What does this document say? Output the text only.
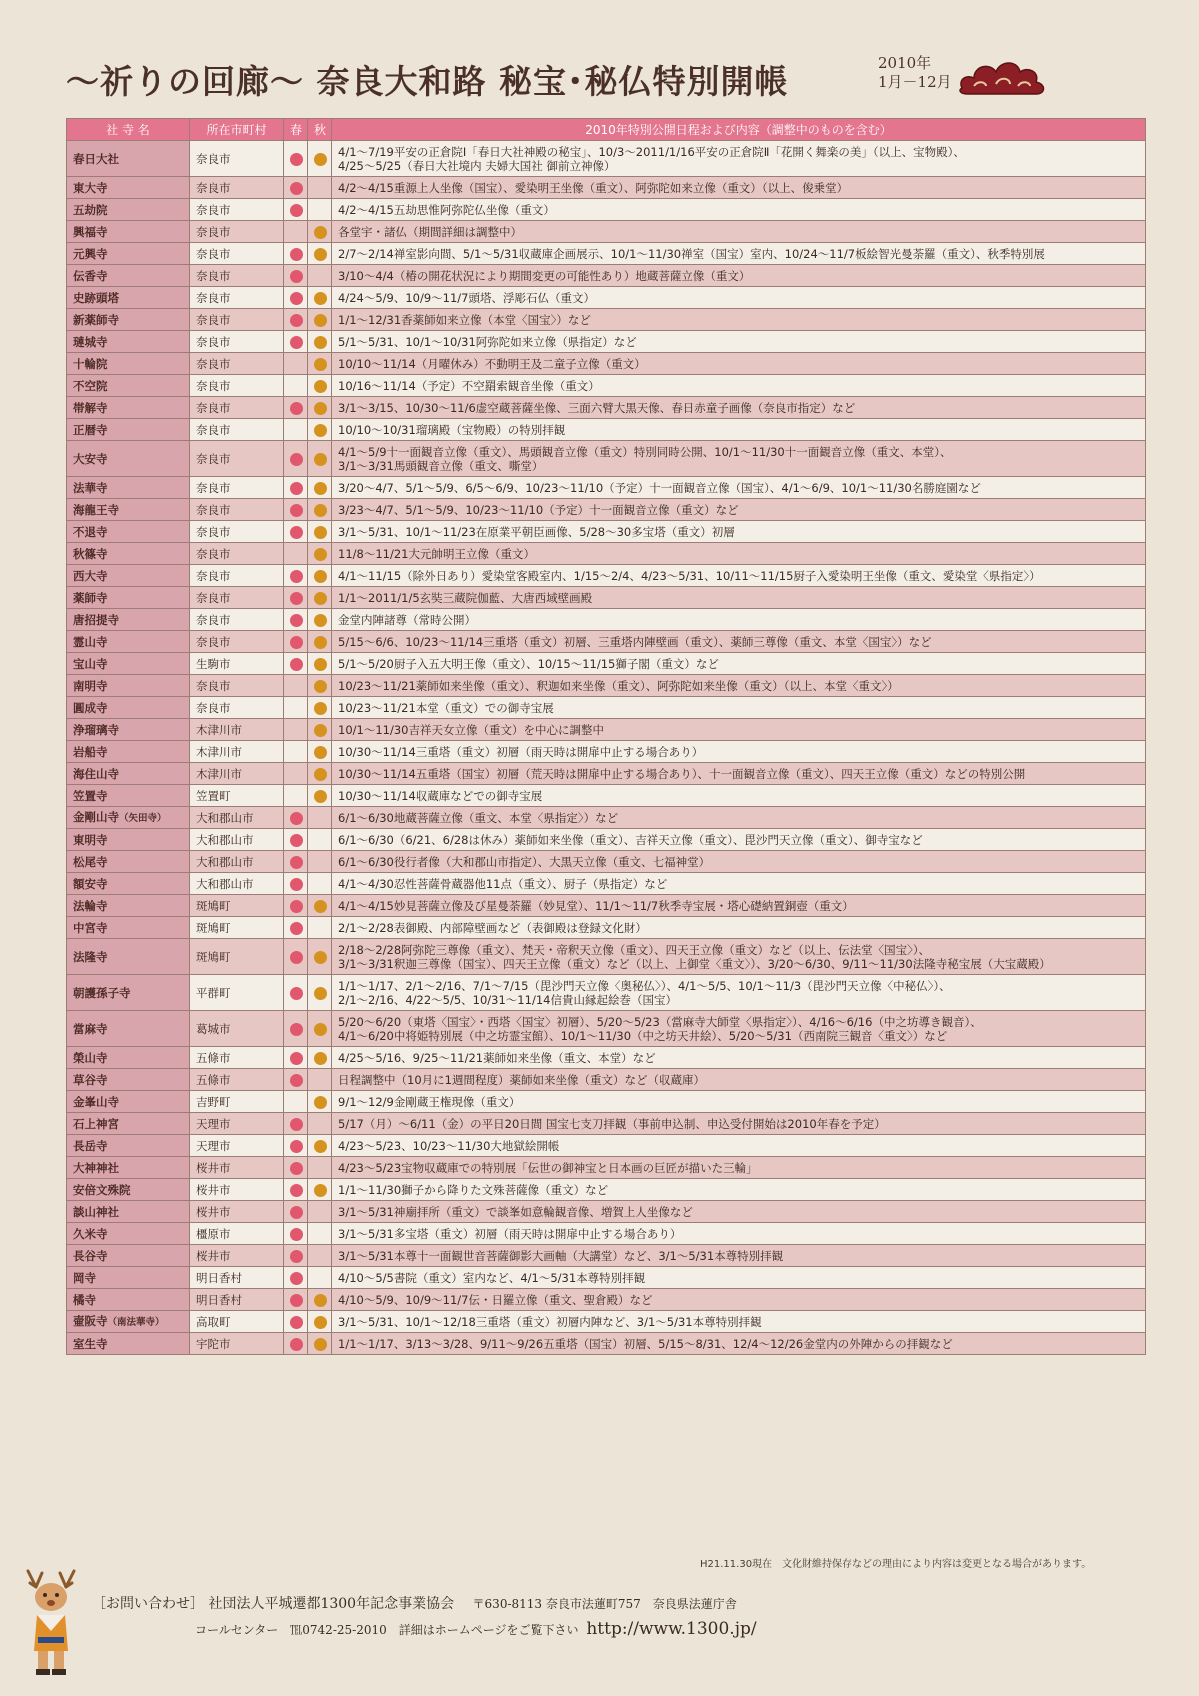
～祈りの回廊～ 奈良大和路 秘宝･秘仏特別開帳	2010年
1月－12月
社 寺 名	所在市町村	春	秋	2010年特別公開日程および内容（調整中のものを含む）
春日大社	奈良市			4/1〜7/19平安の正倉院Ⅰ「春日大社神殿の秘宝」、10/3〜2011/1/16平安の正倉院Ⅱ「花開く舞楽の美」（以上、宝物殿）、
4/25〜5/25（春日大社境内 夫婦大国社 御前立神像）

東大寺	奈良市			4/2〜4/15重源上人坐像（国宝）、愛染明王坐像（重文）、阿弥陀如来立像（重文）（以上、俊乗堂）

五劫院	奈良市			4/2〜4/15五劫思惟阿弥陀仏坐像（重文）

興福寺	奈良市			各堂宇・諸仏（期間詳細は調整中）

元興寺	奈良市			2/7〜2/14禅室影向間、5/1〜5/31収蔵庫企画展示、10/1〜11/30禅室（国宝）室内、10/24〜11/7板絵智光曼荼羅（重文）、秋季特別展

伝香寺	奈良市			3/10〜4/4（椿の開花状況により期間変更の可能性あり）地蔵菩薩立像（重文）

史跡頭塔	奈良市			4/24〜5/9、10/9〜11/7頭塔、浮彫石仏（重文）

新薬師寺	奈良市			1/1〜12/31香薬師如来立像（本堂〈国宝〉）など

璉城寺	奈良市			5/1〜5/31、10/1〜10/31阿弥陀如来立像（県指定）など

十輪院	奈良市			10/10〜11/14（月曜休み）不動明王及二童子立像（重文）

不空院	奈良市			10/16〜11/14（予定）不空羂索観音坐像（重文）

帯解寺	奈良市			3/1〜3/15、10/30〜11/6虚空蔵菩薩坐像、三面六臂大黒天像、春日赤童子画像（奈良市指定）など

正暦寺	奈良市			10/10〜10/31瑠璃殿（宝物殿）の特別拝観

大安寺	奈良市			4/1〜5/9十一面観音立像（重文）、馬頭観音立像（重文）特別同時公開、10/1〜11/30十一面観音立像（重文、本堂）、
3/1〜3/31馬頭観音立像（重文、嘶堂）

法華寺	奈良市			3/20〜4/7、5/1〜5/9、6/5〜6/9、10/23〜11/10（予定）十一面観音立像（国宝）、4/1〜6/9、10/1〜11/30名勝庭園など

海龍王寺	奈良市			3/23〜4/7、5/1〜5/9、10/23〜11/10（予定）十一面観音立像（重文）など

不退寺	奈良市			3/1〜5/31、10/1〜11/23在原業平朝臣画像、5/28〜30多宝塔（重文）初層

秋篠寺	奈良市			11/8〜11/21大元帥明王立像（重文）

西大寺	奈良市			4/1〜11/15（除外日あり）愛染堂客殿室内、1/15〜2/4、4/23〜5/31、10/11〜11/15厨子入愛染明王坐像（重文、愛染堂〈県指定〉）

薬師寺	奈良市			1/1〜2011/1/5玄奘三蔵院伽藍、大唐西域壁画殿

唐招提寺	奈良市			金堂内陣諸尊（常時公開）

霊山寺	奈良市			5/15〜6/6、10/23〜11/14三重塔（重文）初層、三重塔内陣壁画（重文）、薬師三尊像（重文、本堂〈国宝〉）など

宝山寺	生駒市			5/1〜5/20厨子入五大明王像（重文）、10/15〜11/15獅子閣（重文）など

南明寺	奈良市			10/23〜11/21薬師如来坐像（重文）、釈迦如来坐像（重文）、阿弥陀如来坐像（重文）（以上、本堂〈重文〉）

圓成寺	奈良市			10/23〜11/21本堂（重文）での御寺宝展

浄瑠璃寺	木津川市			10/1〜11/30吉祥天女立像（重文）を中心に調整中

岩船寺	木津川市			10/30〜11/14三重塔（重文）初層（雨天時は開扉中止する場合あり）

海住山寺	木津川市			10/30〜11/14五重塔（国宝）初層（荒天時は開扉中止する場合あり）、十一面観音立像（重文）、四天王立像（重文）などの特別公開

笠置寺	笠置町			10/30〜11/14収蔵庫などでの御寺宝展

金剛山寺（矢田寺）	大和郡山市			6/1〜6/30地蔵菩薩立像（重文、本堂〈県指定〉）など

東明寺	大和郡山市			6/1〜6/30（6/21、6/28は休み）薬師如来坐像（重文）、吉祥天立像（重文）、毘沙門天立像（重文）、御寺宝など

松尾寺	大和郡山市			6/1〜6/30役行者像（大和郡山市指定）、大黒天立像（重文、七福神堂）

額安寺	大和郡山市			4/1〜4/30忍性菩薩骨蔵器他11点（重文）、厨子（県指定）など

法輪寺	斑鳩町			4/1〜4/15妙見菩薩立像及び星曼荼羅（妙見堂）、11/1〜11/7秋季寺宝展・塔心礎納置銅壺（重文）

中宮寺	斑鳩町			2/1〜2/28表御殿、内部障壁画など（表御殿は登録文化財）

法隆寺	斑鳩町			2/18〜2/28阿弥陀三尊像（重文）、梵天・帝釈天立像（重文）、四天王立像（重文）など（以上、伝法堂〈国宝〉）、
3/1〜3/31釈迦三尊像（国宝）、四天王立像（重文）など（以上、上御堂〈重文〉）、3/20〜6/30、9/11〜11/30法隆寺秘宝展（大宝蔵殿）

朝護孫子寺	平群町			1/1〜1/17、2/1〜2/16、7/1〜7/15（毘沙門天立像〈奥秘仏〉）、4/1〜5/5、10/1〜11/3（毘沙門天立像〈中秘仏〉）、
2/1〜2/16、4/22〜5/5、10/31〜11/14信貴山縁起絵巻（国宝）

當麻寺	葛城市			5/20〜6/20（東塔〈国宝〉・西塔〈国宝〉初層）、5/20〜5/23（當麻寺大師堂〈県指定〉）、4/16〜6/16（中之坊導き観音）、
4/1〜6/20中将姫特別展（中之坊霊宝館）、10/1〜11/30（中之坊天井絵）、5/20〜5/31（西南院三観音〈重文〉）など

榮山寺	五條市			4/25〜5/16、9/25〜11/21薬師如来坐像（重文、本堂）など

草谷寺	五條市			日程調整中（10月に1週間程度）薬師如来坐像（重文）など（収蔵庫）

金峯山寺	吉野町			9/1〜12/9金剛蔵王権現像（重文）

石上神宮	天理市			5/17（月）〜6/11（金）の平日20日間 国宝七支刀拝観（事前申込制、申込受付開始は2010年春を予定）

長岳寺	天理市			4/23〜5/23、10/23〜11/30大地獄絵開帳

大神神社	桜井市			4/23〜5/23宝物収蔵庫での特別展「伝世の御神宝と日本画の巨匠が描いた三輪」

安倍文殊院	桜井市			1/1〜11/30獅子から降りた文殊菩薩像（重文）など

談山神社	桜井市			3/1〜5/31神廟拝所（重文）で談峯如意輪観音像、増賀上人坐像など

久米寺	橿原市			3/1〜5/31多宝塔（重文）初層（雨天時は開扉中止する場合あり）

長谷寺	桜井市			3/1〜5/31本尊十一面観世音菩薩御影大画軸（大講堂）など、3/1〜5/31本尊特別拝観

岡寺	明日香村			4/10〜5/5書院（重文）室内など、4/1〜5/31本尊特別拝観

橘寺	明日香村			4/10〜5/9、10/9〜11/7伝・日羅立像（重文、聖倉殿）など

壷阪寺（南法華寺）	高取町			3/1〜5/31、10/1〜12/18三重塔（重文）初層内陣など、3/1〜5/31本尊特別拝観

室生寺	宇陀市			1/1〜1/17、3/13〜3/28、9/11〜9/26五重塔（国宝）初層、5/15〜8/31、12/4〜12/26金堂内の外陣からの拝観など
H21.11.30現在　文化財維持保存などの理由により内容は変更となる場合があります。
［お問い合わせ］ 社団法人平城遷都1300年記念事業協会 〒630-8113 奈良市法蓮町757　奈良県法蓮庁舎
コールセンター　℡0742-25-2010　詳細はホームページをご覧下さい http://www.1300.jp/
